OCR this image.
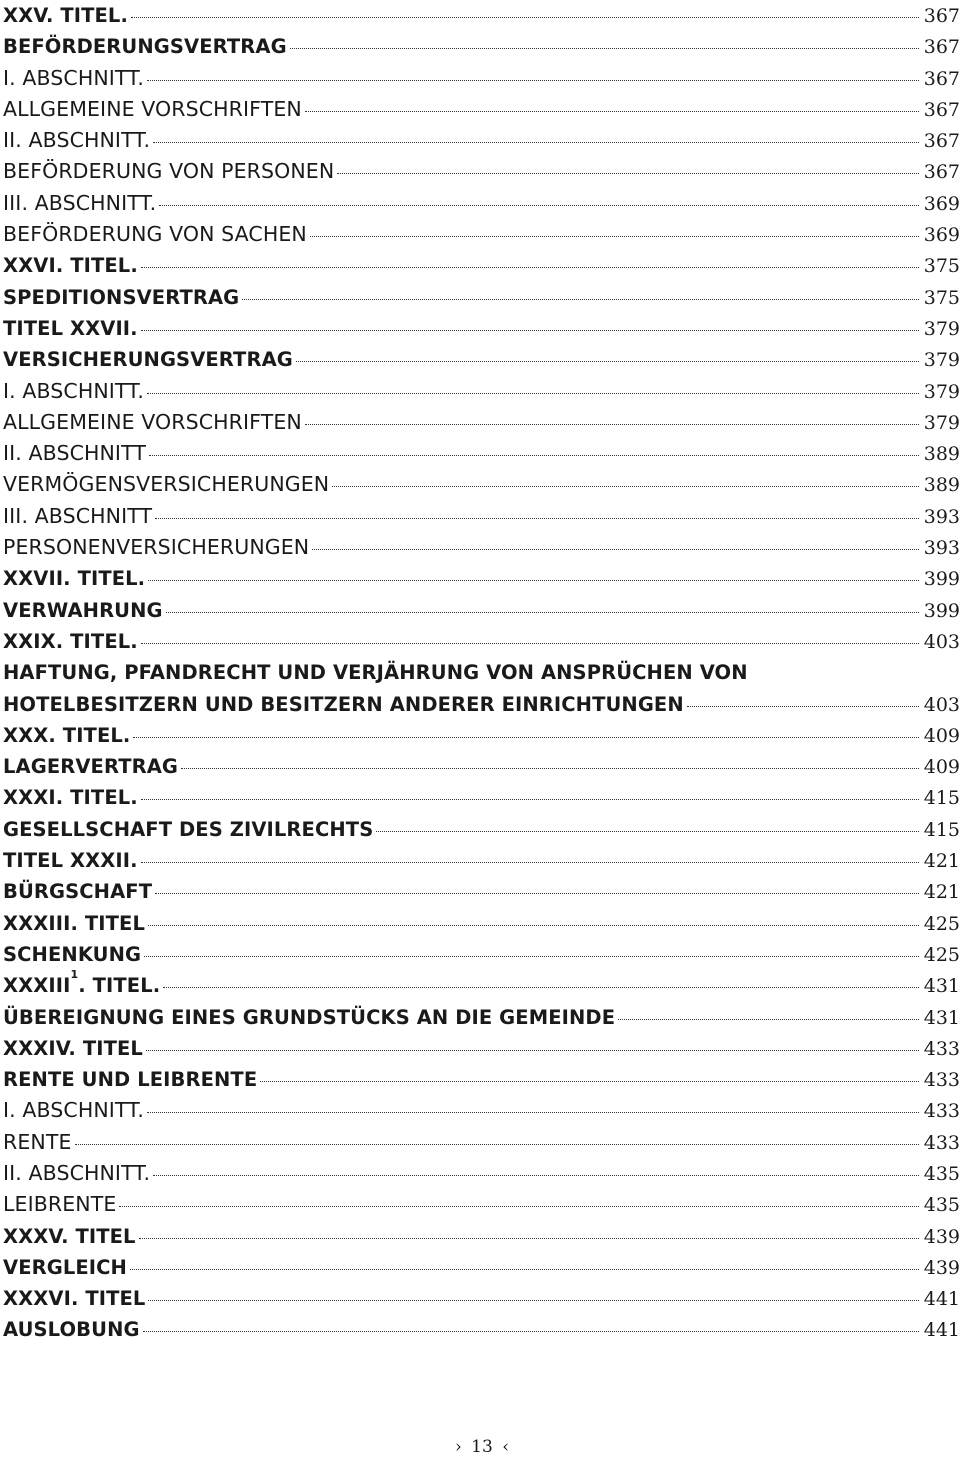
XXV. TITEL.	367
BEFÖRDERUNGSVERTRAG	367
I. ABSCHNITT.	367
ALLGEMEINE VORSCHRIFTEN	367
II. ABSCHNITT.	367
BEFÖRDERUNG VON PERSONEN	367
III. ABSCHNITT.	369
BEFÖRDERUNG VON SACHEN	369
XXVI. TITEL.	375
SPEDITIONSVERTRAG	375
TITEL XXVII.	379
VERSICHERUNGSVERTRAG	379
I. ABSCHNITT.	379
ALLGEMEINE VORSCHRIFTEN	379
II. ABSCHNITT	389
VERMÖGENSVERSICHERUNGEN	389
III. ABSCHNITT	393
PERSONENVERSICHERUNGEN	393
XXVII. TITEL.	399
VERWAHRUNG	399
XXIX. TITEL.	403
HAFTUNG, PFANDRECHT UND VERJÄHRUNG VON ANSPRÜCHEN VON
HOTELBESITZERN UND BESITZERN ANDERER EINRICHTUNGEN	403
XXX. TITEL.	409
LAGERVERTRAG	409
XXXI. TITEL.	415
GESELLSCHAFT DES ZIVILRECHTS	415
TITEL XXXII.	421
BÜRGSCHAFT	421
XXXIII. TITEL	425
SCHENKUNG	425
XXXIII$^1$. TITEL.	431
ÜBEREIGNUNG EINES GRUNDSTÜCKS AN DIE GEMEINDE	431
XXXIV. TITEL	433
RENTE UND LEIBRENTE	433
I. ABSCHNITT.	433
RENTE	433
II. ABSCHNITT.	435
LEIBRENTE	435
XXXV. TITEL	439
VERGLEICH	439
XXXVI. TITEL	441
AUSLOBUNG	441
› 13 ‹
